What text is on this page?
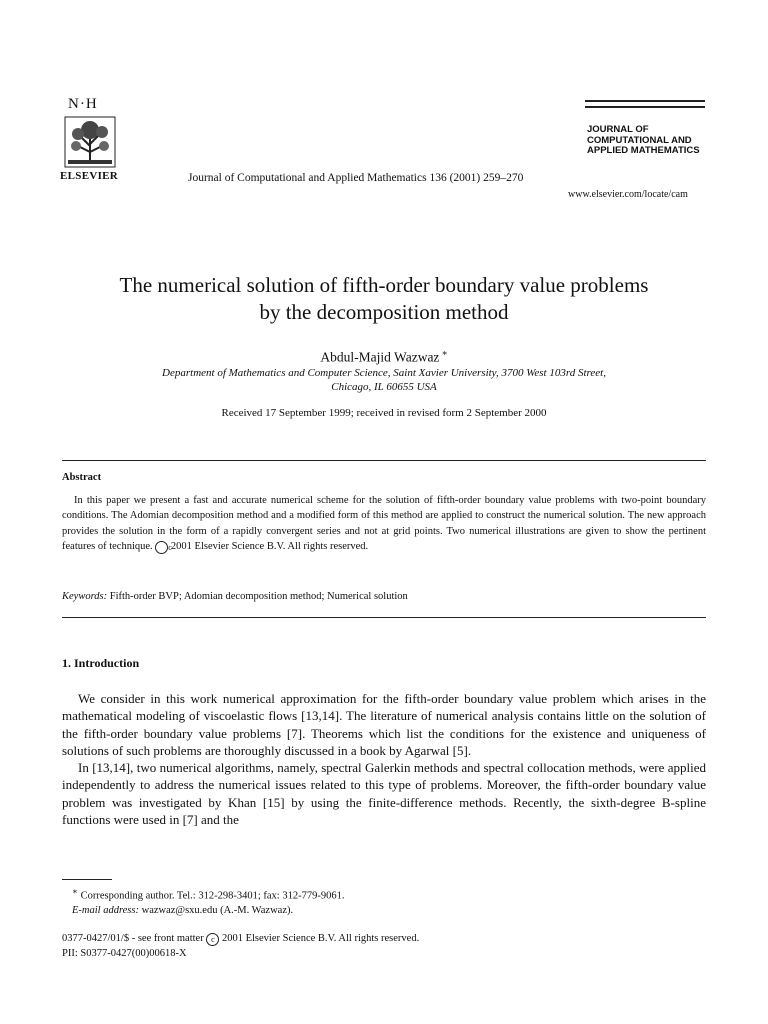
N·H
ELSEVIER	Journal of Computational and Applied Mathematics 136 (2001) 259–270
JOURNAL OF
COMPUTATIONAL AND
APPLIED MATHEMATICS
www.elsevier.com/locate/cam
The numerical solution of fifth-order boundary value problems
by the decomposition method
Abdul-Majid Wazwaz ∗
Department of Mathematics and Computer Science, Saint Xavier University, 3700 West 103rd Street,
Chicago, IL 60655 USA
Received 17 September 1999; received in revised form 2 September 2000
Abstract
In this paper we present a fast and accurate numerical scheme for the solution of fifth-order boundary value problems with two-point boundary conditions. The Adomian decomposition method and a modified form of this method are applied to construct the numerical solution. The new approach provides the solution in the form of a rapidly convergent series and not at grid points. Two numerical illustrations are given to show the pertinent features of technique. c 2001 Elsevier Science B.V. All rights reserved.
Keywords: Fifth-order BVP; Adomian decomposition method; Numerical solution
1. Introduction

We consider in this work numerical approximation for the fifth-order boundary value problem which arises in the mathematical modeling of viscoelastic flows [13,14]. The literature of numerical analysis contains little on the solution of the fifth-order boundary value problems [7]. Theorems which list the conditions for the existence and uniqueness of solutions of such problems are thoroughly discussed in a book by Agarwal [5].

In [13,14], two numerical algorithms, namely, spectral Galerkin methods and spectral collocation methods, were applied independently to address the numerical issues related to this type of problems. Moreover, the fifth-order boundary value problem was investigated by Khan [15] by using the finite-difference methods. Recently, the sixth-degree B-spline functions were used in [7] and the

∗ Corresponding author. Tel.: 312-298-3401; fax: 312-779-9061.
E-mail address: wazwaz@sxu.edu (A.-M. Wazwaz).
0377-0427/01/$ - see front matter c 2001 Elsevier Science B.V. All rights reserved.
PII: S0377-0427(00)00618-X
